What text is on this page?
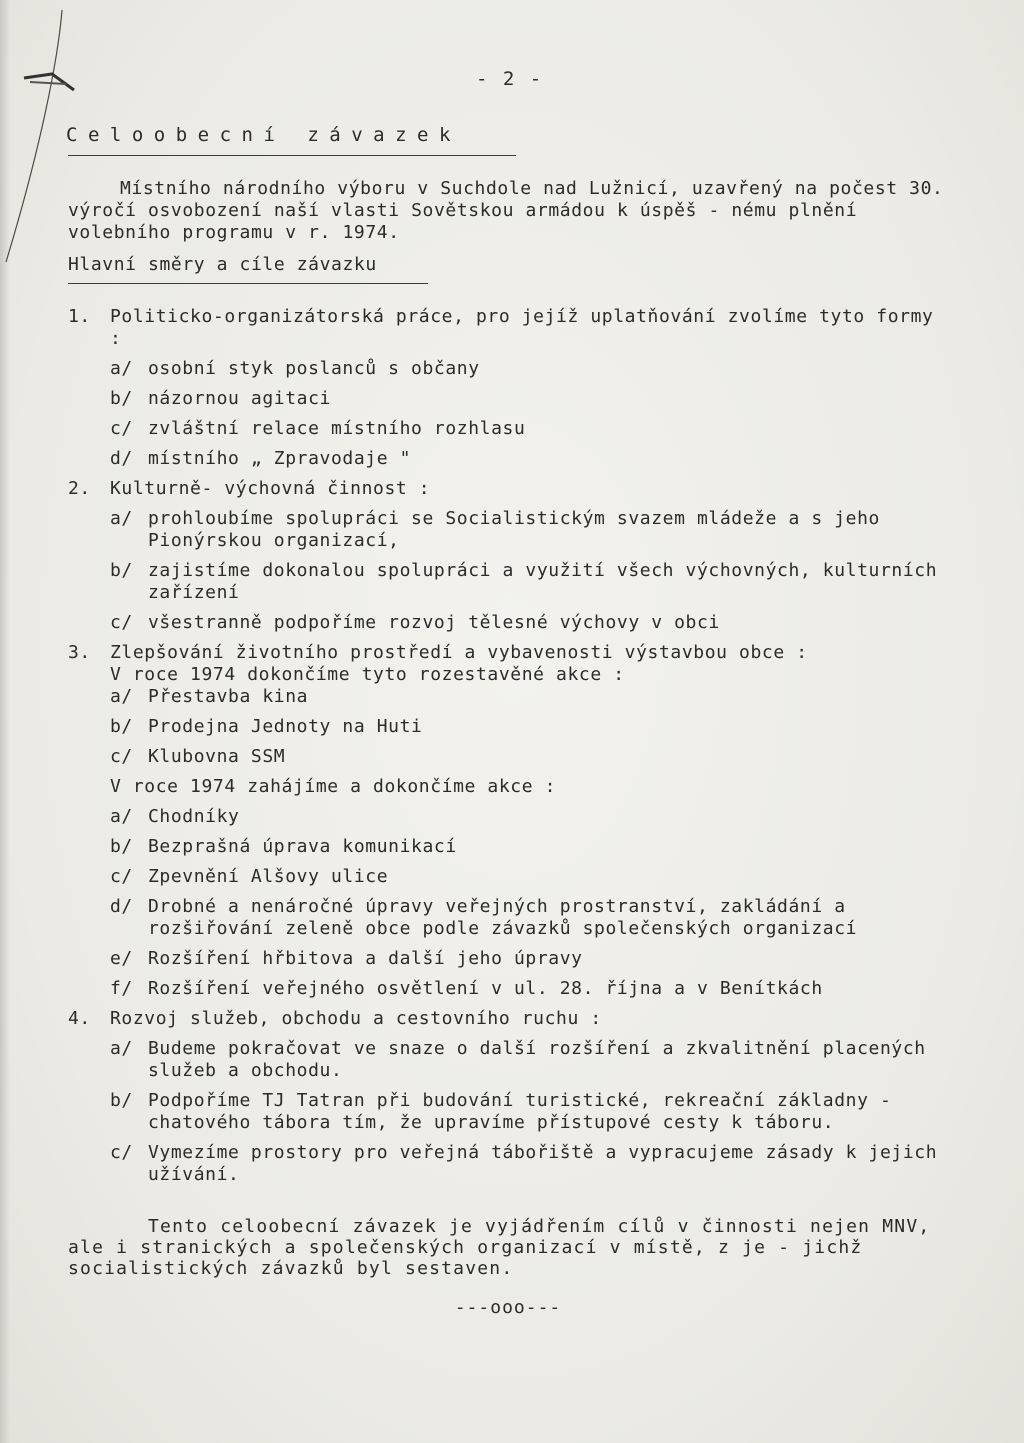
- 2 -
Celoobecní závazek
Místního národního výboru v Suchdole nad Lužnicí, uzavřený na počest 30. výročí osvobození naší vlasti Sovětskou armádou k úspěš - nému plnění volebního programu v r. 1974.
Hlavní směry a cíle závazku
1.	Politicko-organizátorská práce, pro jejíž uplatňování zvolíme tyto formy :
a/ osobní styk poslanců s občany
b/ názornou agitaci
c/ zvláštní relace místního rozhlasu
d/ místního „ Zpravodaje "
2.	Kulturně- výchovná činnost :
a/ prohloubíme spolupráci se Socialistickým svazem mládeže a s jeho Pionýrskou organizací,
b/ zajistíme dokonalou spolupráci a využití všech výchovných, kulturních zařízení
c/ všestranně podpoříme rozvoj tělesné výchovy v obci
3.	Zlepšování životního prostředí a vybavenosti výstavbou obce :
V roce 1974 dokončíme tyto rozestavěné akce :
a/ Přestavba kina
b/ Prodejna Jednoty na Huti
c/ Klubovna SSM
V roce 1974 zahájíme a dokončíme akce :
a/ Chodníky
b/ Bezprašná úprava komunikací
c/ Zpevnění Alšovy ulice
d/ Drobné a nenáročné úpravy veřejných prostranství, zakládání a rozšiřování zeleně obce podle závazků společenských organizací
e/ Rozšíření hřbitova a další jeho úpravy
f/ Rozšíření veřejného osvětlení v ul. 28. října a v Benítkách
4.	Rozvoj služeb, obchodu a cestovního ruchu :
a/ Budeme pokračovat ve snaze o další rozšíření a zkvalitnění placených služeb a obchodu.
b/ Podpoříme TJ Tatran při budování turistické, rekreační základny - chatového tábora tím, že upravíme přístupové cesty k táboru.
c/ Vymezíme prostory pro veřejná tábořiště a vypracujeme zásady k jejich užívání.
Tento celoobecní závazek je vyjádřením cílů v činnosti nejen MNV, ale i stranických a společenských organizací v místě, z je - jichž socialistických závazků byl sestaven.
---ooo---
